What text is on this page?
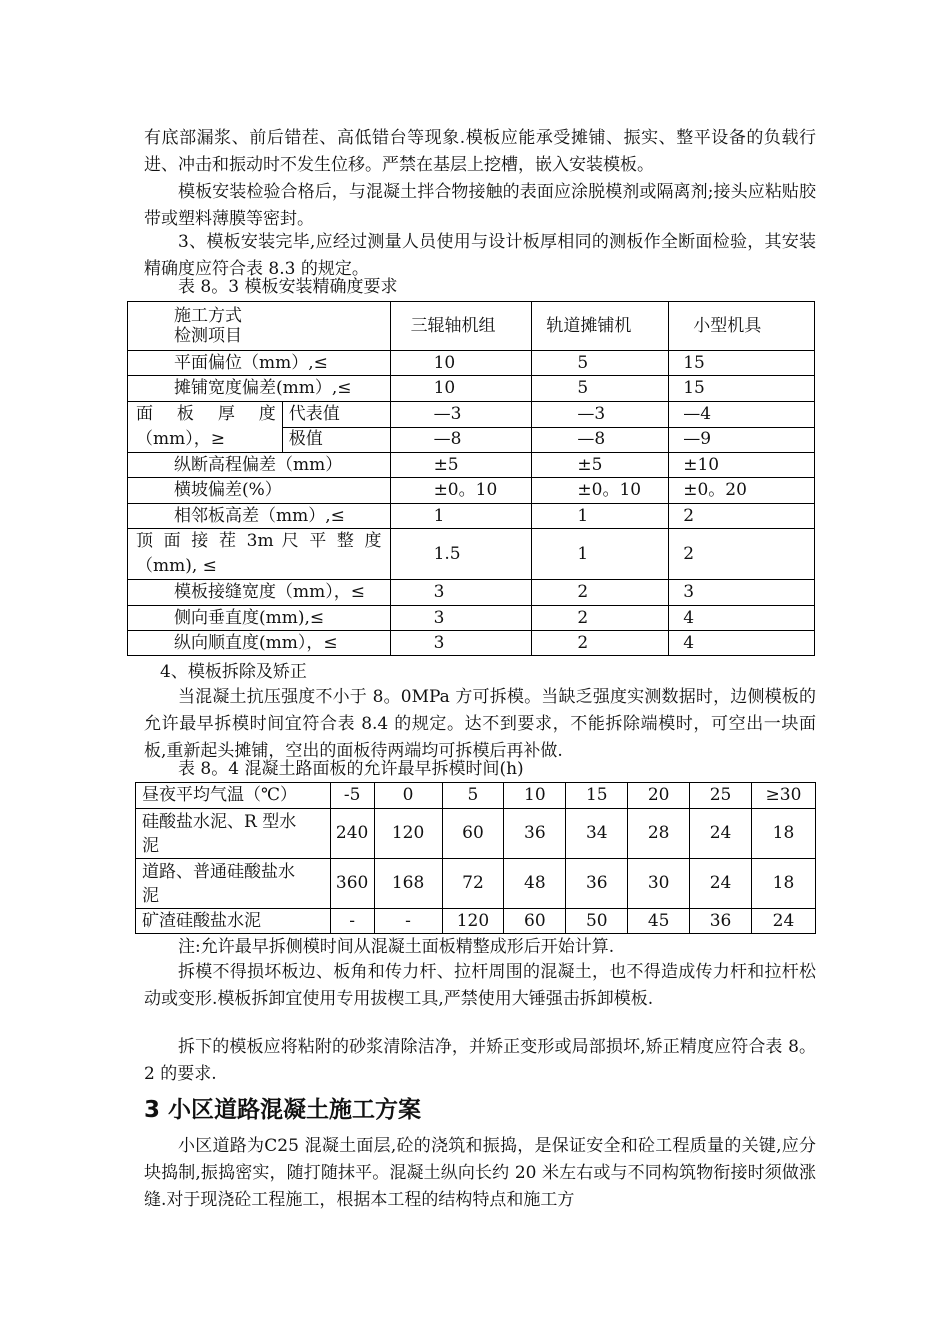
有底部漏浆、前后错茬、高低错台等现象.模板应能承受摊铺、振实、整平设备的负载行进、冲击和振动时不发生位移。严禁在基层上挖槽，嵌入安装模板。

模板安装检验合格后，与混凝土拌合物接触的表面应涂脱模剂或隔离剂;接头应粘贴胶带或塑料薄膜等密封。

3、模板安装完毕,应经过测量人员使用与设计板厚相同的测板作全断面检验，其安装精确度应符合表 8.3 的规定。

表 8。3 模板安装精确度要求
施工方式
检测项目		三辊轴机组	轨道摊铺机	小型机具
平面偏位（mm）,≤		10	5	15
摊铺宽度偏差(mm）,≤		10	5	15

面 板 厚 度
（mm），≥	代表值	—3	—3	—4
	极值	—8	—8	—9
纵断高程偏差（mm）		±5	±5	±10
横坡偏差(%）		±0。10	±0。10	±0。20
相邻板高差（mm）,≤		1	1	2

顶 面 接 茬 3m 尺 平 整 度
（mm), ≤		1.5	1	2
模板接缝宽度（mm），≤		3	2	3
侧向垂直度(mm),≤		3	2	4
纵向顺直度(mm），≤		3	2	4

4、模板拆除及矫正

当混凝土抗压强度不小于 8。0MPa 方可拆模。当缺乏强度实测数据时，边侧模板的允许最早拆模时间宜符合表 8.4 的规定。达不到要求，不能拆除端模时，可空出一块面板,重新起头摊铺，空出的面板待两端均可拆模后再补做.

表 8。4 混凝土路面板的允许最早拆模时间(h)
昼夜平均气温（℃）	-5	0	5	10	15	20	25	≥30

硅酸盐水泥、R 型水
泥	240	120	60	36	34	28	24	18

道路、普通硅酸盐水
泥	360	168	72	48	36	30	24	18
矿渣硅酸盐水泥	-	-	120	60	50	45	36	24

注:允许最早拆侧模时间从混凝土面板精整成形后开始计算.

拆模不得损坏板边、板角和传力杆、拉杆周围的混凝土，也不得造成传力杆和拉杆松动或变形.模板拆卸宜使用专用拔楔工具,严禁使用大锤强击拆卸模板.

拆下的模板应将粘附的砂浆清除洁净，并矫正变形或局部损坏,矫正精度应符合表 8。2 的要求.

3 小区道路混凝土施工方案

小区道路为C25 混凝土面层,砼的浇筑和振捣，是保证安全和砼工程质量的关键,应分块捣制,振捣密实，随打随抹平。混凝土纵向长约 20 米左右或与不同构筑物衔接时须做涨缝.对于现浇砼工程施工，根据本工程的结构特点和施工方
